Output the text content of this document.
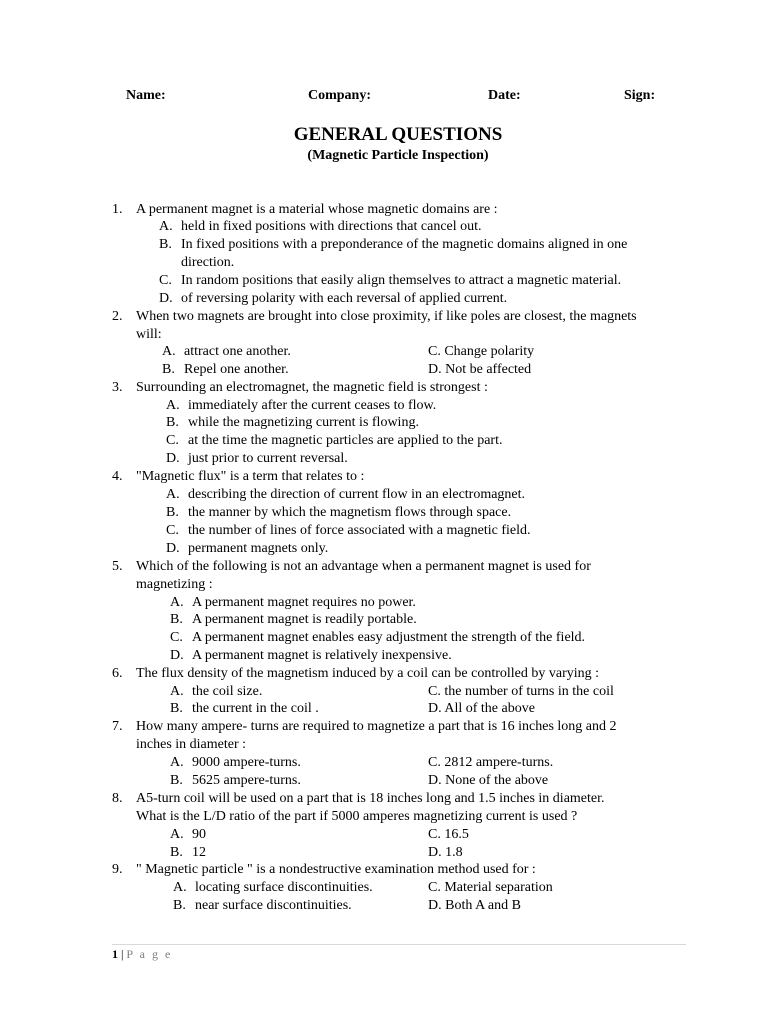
Name:	Company:	Date:	Sign:
GENERAL QUESTIONS
(Magnetic Particle Inspection)
1. A permanent magnet is a material whose magnetic domains are :
A. held in fixed positions with directions that cancel out.
B. In fixed positions with a preponderance of the magnetic domains aligned in one
direction.
C. In random positions that easily align themselves to attract a magnetic material.
D. of reversing polarity with each reversal of applied current.
2. When two magnets are brought into close proximity, if like poles are closest, the magnets
will:
A. attract one another.	C. Change polarity
B. Repel one another.	D. Not be affected
3. Surrounding an electromagnet, the magnetic field is strongest :
A. immediately after the current ceases to flow.
B. while the magnetizing current is flowing.
C. at the time the magnetic particles are applied to the part.
D. just prior to current reversal.
4. "Magnetic flux" is a term that relates to :
A. describing the direction of current flow in an electromagnet.
B. the manner by which the magnetism flows through space.
C. the number of lines of force associated with a magnetic field.
D. permanent magnets only.
5. Which of the following is not an advantage when a permanent magnet is used for
magnetizing :
A. A permanent magnet requires no power.
B. A permanent magnet is readily portable.
C. A permanent magnet enables easy adjustment the strength of the field.
D. A permanent magnet is relatively inexpensive.
6. The flux density of the magnetism induced by a coil can be controlled by varying :
A. the coil size.	C. the number of turns in the coil
B. the current in the coil .	D. All of the above
7. How many ampere- turns are required to magnetize a part that is 16 inches long and 2
inches in diameter :
A. 9000 ampere-turns.	C. 2812 ampere-turns.
B. 5625 ampere-turns.	D. None of the above
8. A5-turn coil will be used on a part that is 18 inches long and 1.5 inches in diameter.
What is the L/D ratio of the part if 5000 amperes magnetizing current is used ?
A. 90	C. 16.5
B. 12	D. 1.8
9. " Magnetic particle " is a nondestructive examination method used for :
A. locating surface discontinuities.	C. Material separation
B. near surface discontinuities.	D. Both A and B
1 | P a g e
